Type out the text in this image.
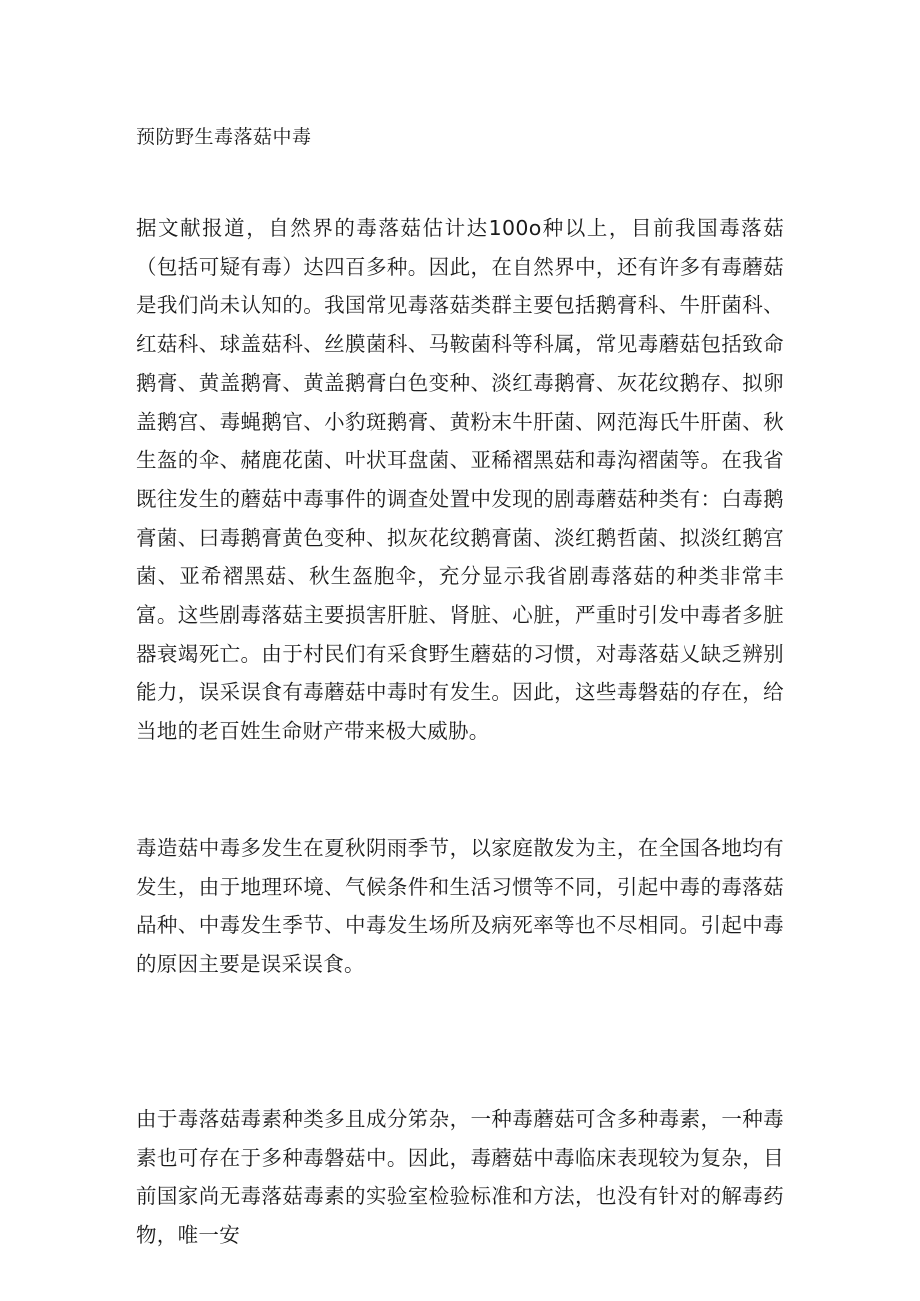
预防野生毒落菇中毒

据文献报道，自然界的毒落菇估计达100o种以上，目前我国毒落菇（包括可疑有毒）达四百多种。因此，在自然界中，还有许多有毒蘑菇是我们尚未认知的。我国常见毒落菇类群主要包括鹅膏科、牛肝菌科、红菇科、球盖菇科、丝膜菌科、马鞍菌科等科属，常见毒蘑菇包括致命鹅膏、黄盖鹅膏、黄盖鹅膏白色变种、淡红毒鹅膏、灰花纹鹅存、拟卵盖鹅宫、毒蝇鹅官、小豹斑鹅膏、黄粉末牛肝菌、网范海氏牛肝菌、秋生盔的伞、赭鹿花菌、叶状耳盘菌、亚稀褶黑菇和毒沟褶菌等。在我省既往发生的蘑菇中毒事件的调查处置中发现的剧毒蘑菇种类有：白毒鹅膏菌、曰毒鹅膏黄色变种、拟灰花纹鹅膏菌、淡红鹅哲菌、拟淡红鹅宫菌、亚希褶黑菇、秋生盔胞伞，充分显示我省剧毒落菇的种类非常丰富。这些剧毒落菇主要损害肝脏、肾脏、心脏，严重时引发中毒者多脏器衰竭死亡。由于村民们有采食野生蘑菇的习惯，对毒落菇乂缺乏辨别能力，误采误食有毒蘑菇中毒时有发生。因此，这些毒磐菇的存在，给当地的老百姓生命财产带来极大威胁。

毒造菇中毒多发生在夏秋阴雨季节，以家庭散发为主，在全国各地均有发生，由于地理环境、气候条件和生活习惯等不同，引起中毒的毒落菇品种、中毒发生季节、中毒发生场所及病死率等也不尽相同。引起中毒的原因主要是误采误食。

由于毒落菇毒素种类多且成分笫杂，一种毒蘑菇可含多种毒素，一种毒素也可存在于多种毒磐菇中。因此，毒蘑菇中毒临床表现较为复杂，目前国家尚无毒落菇毒素的实验室检验标准和方法，也没有针对的解毒药物，唯一安
